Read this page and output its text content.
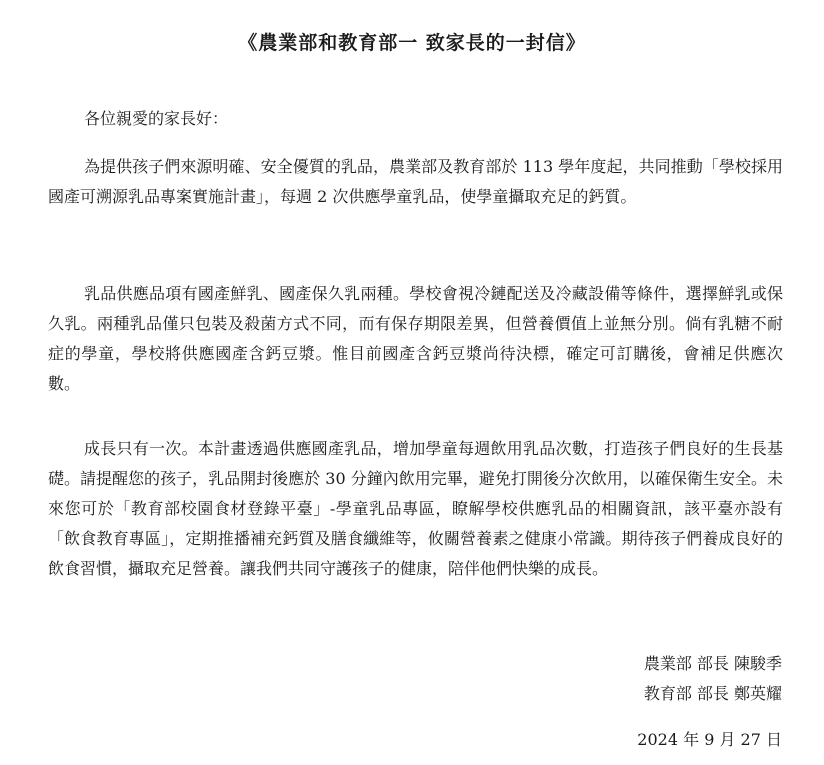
《農業部和教育部一 致家長的一封信》
各位親愛的家長好：

為提供孩子們來源明確、安全優質的乳品，農業部及教育部於 113 學年度起，共同推動「學校採用國產可溯源乳品專案實施計畫」，每週 2 次供應學童乳品，使學童攝取充足的鈣質。

乳品供應品項有國產鮮乳、國產保久乳兩種。學校會視冷鏈配送及冷藏設備等條件，選擇鮮乳或保久乳。兩種乳品僅只包裝及殺菌方式不同，而有保存期限差異，但營養價值上並無分別。倘有乳糖不耐症的學童，學校將供應國產含鈣豆漿。惟目前國產含鈣豆漿尚待決標，確定可訂購後，會補足供應次數。

成長只有一次。本計畫透過供應國產乳品，增加學童每週飲用乳品次數，打造孩子們良好的生長基礎。請提醒您的孩子，乳品開封後應於 30 分鐘內飲用完畢，避免打開後分次飲用，以確保衛生安全。未來您可於「教育部校園食材登錄平臺」-學童乳品專區，瞭解學校供應乳品的相關資訊，該平臺亦設有「飲食教育專區」，定期推播補充鈣質及膳食纖維等，攸關營養素之健康小常識。期待孩子們養成良好的飲食習慣，攝取充足營養。讓我們共同守護孩子的健康，陪伴他們快樂的成長。

農業部 部長 陳駿季
教育部 部長 鄭英耀
2024 年 9 月 27 日
